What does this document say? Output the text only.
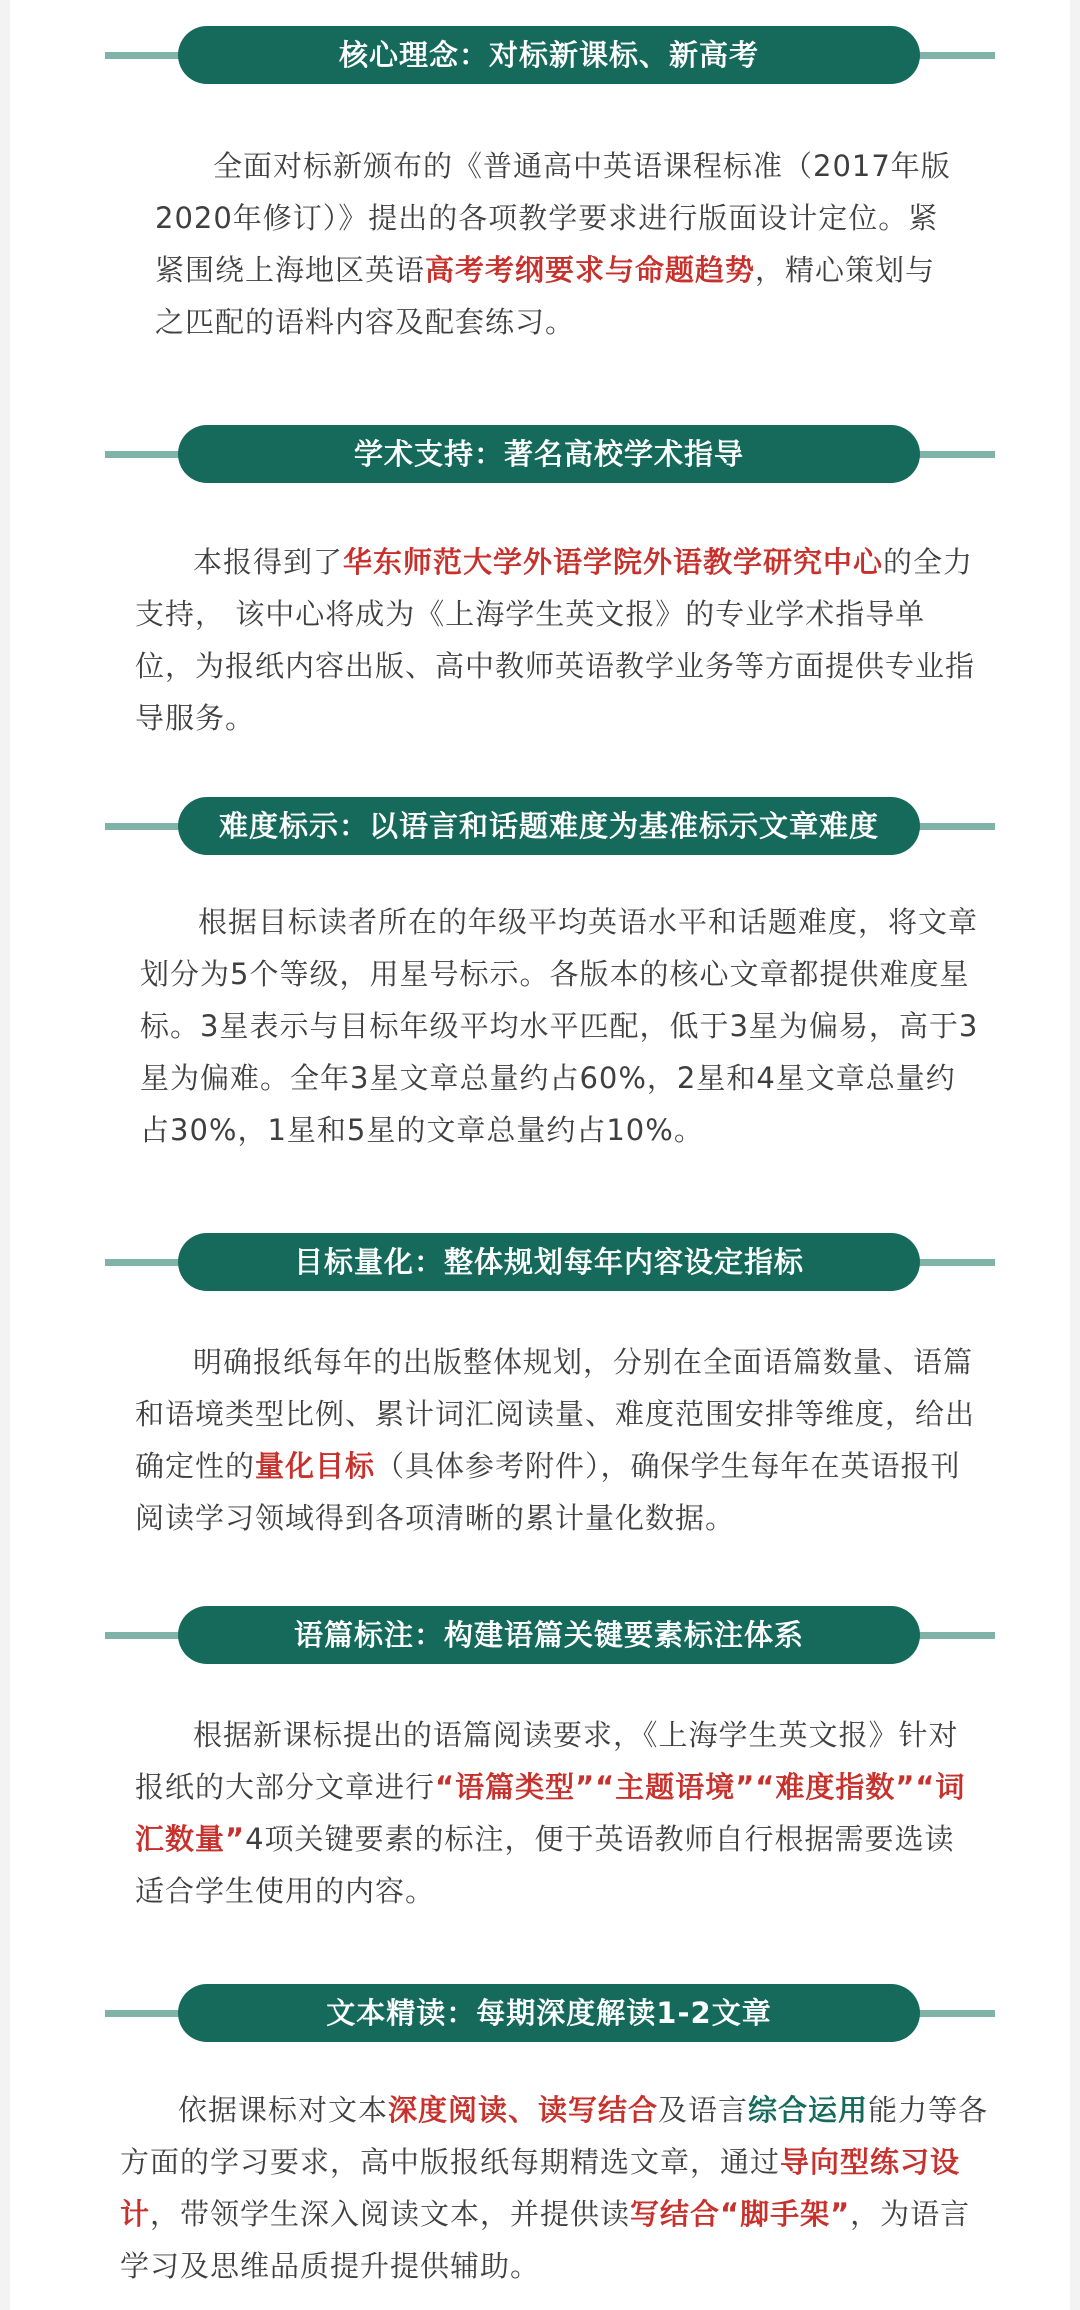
核心理念：对标新课标、新高考
全面对标新颁布的《普通高中英语课程标准（2017年版2020年修订）》提出的各项教学要求进行版面设计定位。紧紧围绕上海地区英语高考考纲要求与命题趋势，精心策划与之匹配的语料内容及配套练习。
学术支持：著名高校学术指导
本报得到了华东师范大学外语学院外语教学研究中心的全力支持， 该中心将成为《上海学生英文报》的专业学术指导单位，为报纸内容出版、高中教师英语教学业务等方面提供专业指导服务。
难度标示：以语言和话题难度为基准标示文章难度
根据目标读者所在的年级平均英语水平和话题难度，将文章划分为5个等级，用星号标示。各版本的核心文章都提供难度星标。3星表示与目标年级平均水平匹配，低于3星为偏易，高于3星为偏难。全年3星文章总量约占60%，2星和4星文章总量约占30%，1星和5星的文章总量约占10%。
目标量化：整体规划每年内容设定指标
明确报纸每年的出版整体规划，分别在全面语篇数量、语篇和语境类型比例、累计词汇阅读量、难度范围安排等维度，给出确定性的量化目标（具体参考附件），确保学生每年在英语报刊阅读学习领域得到各项清晰的累计量化数据。
语篇标注：构建语篇关键要素标注体系
根据新课标提出的语篇阅读要求，《上海学生英文报》针对报纸的大部分文章进行“语篇类型”“主题语境”“难度指数”“词汇数量”4项关键要素的标注，便于英语教师自行根据需要选读适合学生使用的内容。
文本精读：每期深度解读1-2文章
依据课标对文本深度阅读、读写结合及语言综合运用能力等各方面的学习要求，高中版报纸每期精选文章，通过导向型练习设计，带领学生深入阅读文本，并提供读写结合“脚手架”，为语言学习及思维品质提升提供辅助。
